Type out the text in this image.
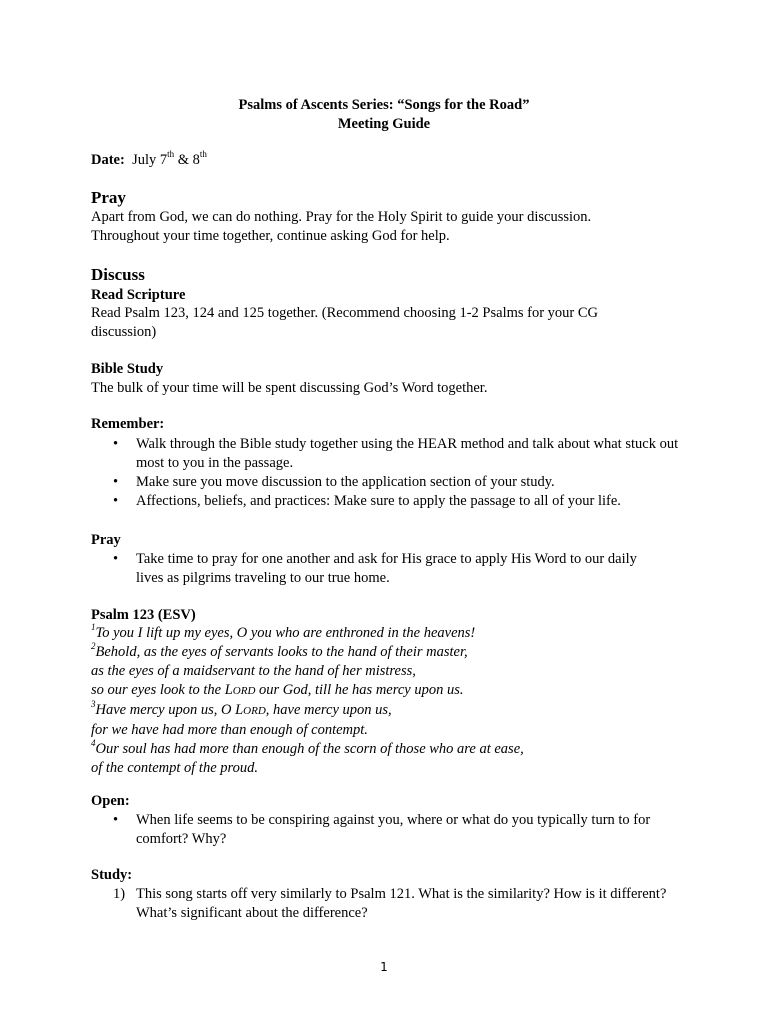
Psalms of Ascents Series: “Songs for the Road”
Meeting Guide
Date: July 7th & 8th
Pray
Apart from God, we can do nothing. Pray for the Holy Spirit to guide your discussion. Throughout your time together, continue asking God for help.
Discuss
Read Scripture
Read Psalm 123, 124 and 125 together. (Recommend choosing 1-2 Psalms for your CG discussion)
Bible Study
The bulk of your time will be spent discussing God’s Word together.
Remember:
• Walk through the Bible study together using the HEAR method and talk about what stuck out most to you in the passage.
• Make sure you move discussion to the application section of your study.
• Affections, beliefs, and practices: Make sure to apply the passage to all of your life.
Pray
• Take time to pray for one another and ask for His grace to apply His Word to our daily lives as pilgrims traveling to our true home.
Psalm 123 (ESV)
$^1$To you I lift up my eyes, O you who are enthroned in the heavens!
$^2$Behold, as the eyes of servants looks to the hand of their master,
as the eyes of a maidservant to the hand of her mistress,
so our eyes look to the LORD our God, till he has mercy upon us.
$^3$Have mercy upon us, O LORD, have mercy upon us,
for we have had more than enough of contempt.
$^4$Our soul has had more than enough of the scorn of those who are at ease,
of the contempt of the proud.
Open:
• When life seems to be conspiring against you, where or what do you typically turn to for comfort? Why?
Study:
1) This song starts off very similarly to Psalm 121. What is the similarity? How is it different? What’s significant about the difference?
1
